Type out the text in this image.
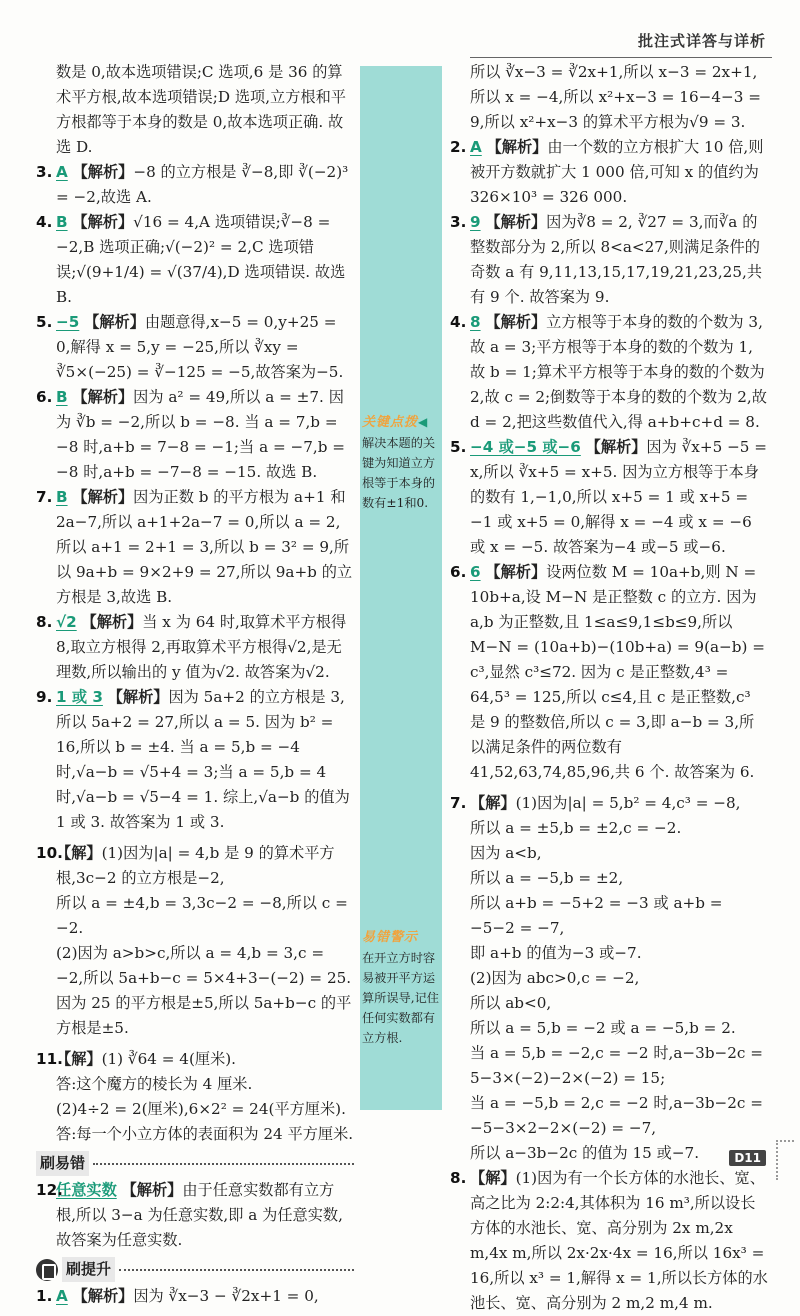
批注式详答与详析
关键点拨◀
解决本题的关键为知道立方根等于本身的数有±1和0.
易错警示
在开立方时容易被开平方运算所误导,记住任何实数都有立方根.

数是 0,故本选项错误;C 选项,6 是 36 的算术平方根,故本选项错误;D 选项,立方根和平方根都等于本身的数是 0,故本选项正确. 故选 D.

3. A 【解析】−8 的立方根是 ∛−8,即 ∛(−2)³ = −2,故选 A.

4. B 【解析】√16 = 4,A 选项错误;∛−8 = −2,B 选项正确;√(−2)² = 2,C 选项错误;√(9+1/4) = √(37/4),D 选项错误. 故选 B.

5. −5 【解析】由题意得,x−5 = 0,y+25 = 0,解得 x = 5,y = −25,所以 ∛xy = ∛5×(−25) = ∛−125 = −5,故答案为−5.

6. B 【解析】因为 a² = 49,所以 a = ±7. 因为 ∛b = −2,所以 b = −8. 当 a = 7,b = −8 时,a+b = 7−8 = −1;当 a = −7,b = −8 时,a+b = −7−8 = −15. 故选 B.

7. B 【解析】因为正数 b 的平方根为 a+1 和 2a−7,所以 a+1+2a−7 = 0,所以 a = 2,所以 a+1 = 2+1 = 3,所以 b = 3² = 9,所以 9a+b = 9×2+9 = 27,所以 9a+b 的立方根是 3,故选 B.

8. √2 【解析】当 x 为 64 时,取算术平方根得 8,取立方根得 2,再取算术平方根得√2,是无理数,所以输出的 y 值为√2. 故答案为√2.

9. 1 或 3 【解析】因为 5a+2 的立方根是 3,所以 5a+2 = 27,所以 a = 5. 因为 b² = 16,所以 b = ±4. 当 a = 5,b = −4 时,√a−b = √5+4 = 3;当 a = 5,b = 4 时,√a−b = √5−4 = 1. 综上,√a−b 的值为 1 或 3. 故答案为 1 或 3.

10.
【解】(1)因为|a| = 4,b 是 9 的算术平方根,3c−2 的立方根是−2,

所以 a = ±4,b = 3,3c−2 = −8,所以 c = −2.

(2)因为 a>b>c,所以 a = 4,b = 3,c = −2,所以 5a+b−c = 5×4+3−(−2) = 25. 因为 25 的平方根是±5,所以 5a+b−c 的平方根是±5.

11.
【解】(1) ∛64 = 4(厘米).

答:这个魔方的棱长为 4 厘米.

(2)4÷2 = 2(厘米),6×2² = 24(平方厘米).

答:每一个小立方体的表面积为 24 平方厘米.

刷易错

12.
任意实数 【解析】由于任意实数都有立方根,所以 3−a 为任意实数,即 a 为任意实数,故答案为任意实数.

刷提升

1. A 【解析】因为 ∛x−3 − ∛2x+1 = 0,

所以 ∛x−3 = ∛2x+1,所以 x−3 = 2x+1,所以 x = −4,所以 x²+x−3 = 16−4−3 = 9,所以 x²+x−3 的算术平方根为√9 = 3.

2. A 【解析】由一个数的立方根扩大 10 倍,则被开方数就扩大 1 000 倍,可知 x 的值约为 326×10³ = 326 000.

3. 9 【解析】因为∛8 = 2, ∛27 = 3,而∛a 的整数部分为 2,所以 8<a<27,则满足条件的奇数 a 有 9,11,13,15,17,19,21,23,25,共有 9 个. 故答案为 9.

4. 8 【解析】立方根等于本身的数的个数为 3,故 a = 3;平方根等于本身的数的个数为 1,故 b = 1;算术平方根等于本身的数的个数为 2,故 c = 2;倒数等于本身的数的个数为 2,故 d = 2,把这些数值代入,得 a+b+c+d = 8.

5. −4 或−5 或−6 【解析】因为 ∛x+5 −5 = x,所以 ∛x+5 = x+5. 因为立方根等于本身的数有 1,−1,0,所以 x+5 = 1 或 x+5 = −1 或 x+5 = 0,解得 x = −4 或 x = −6 或 x = −5. 故答案为−4 或−5 或−6.

6. 6 【解析】设两位数 M = 10a+b,则 N = 10b+a,设 M−N 是正整数 c 的立方. 因为 a,b 为正整数,且 1≤a≤9,1≤b≤9,所以 M−N = (10a+b)−(10b+a) = 9(a−b) = c³,显然 c³≤72. 因为 c 是正整数,4³ = 64,5³ = 125,所以 c≤4,且 c 是正整数,c³ 是 9 的整数倍,所以 c = 3,即 a−b = 3,所以满足条件的两位数有 41,52,63,74,85,96,共 6 个. 故答案为 6.

7. 【解】(1)因为|a| = 5,b² = 4,c³ = −8,

所以 a = ±5,b = ±2,c = −2.

因为 a<b,

所以 a = −5,b = ±2,

所以 a+b = −5+2 = −3 或 a+b = −5−2 = −7,

即 a+b 的值为−3 或−7.

(2)因为 abc>0,c = −2,

所以 ab<0,

所以 a = 5,b = −2 或 a = −5,b = 2.

当 a = 5,b = −2,c = −2 时,a−3b−2c = 5−3×(−2)−2×(−2) = 15;

当 a = −5,b = 2,c = −2 时,a−3b−2c = −5−3×2−2×(−2) = −7,

所以 a−3b−2c 的值为 15 或−7.

8. 【解】(1)因为有一个长方体的水池长、宽、高之比为 2:2:4,其体积为 16 m³,所以设长方体的水池长、宽、高分别为 2x m,2x m,4x m,所以 2x·2x·4x = 16,所以 16x³ = 16,所以 x³ = 1,解得 x = 1,所以长方体的水池长、宽、高分别为 2 m,2 m,4 m.

D11
